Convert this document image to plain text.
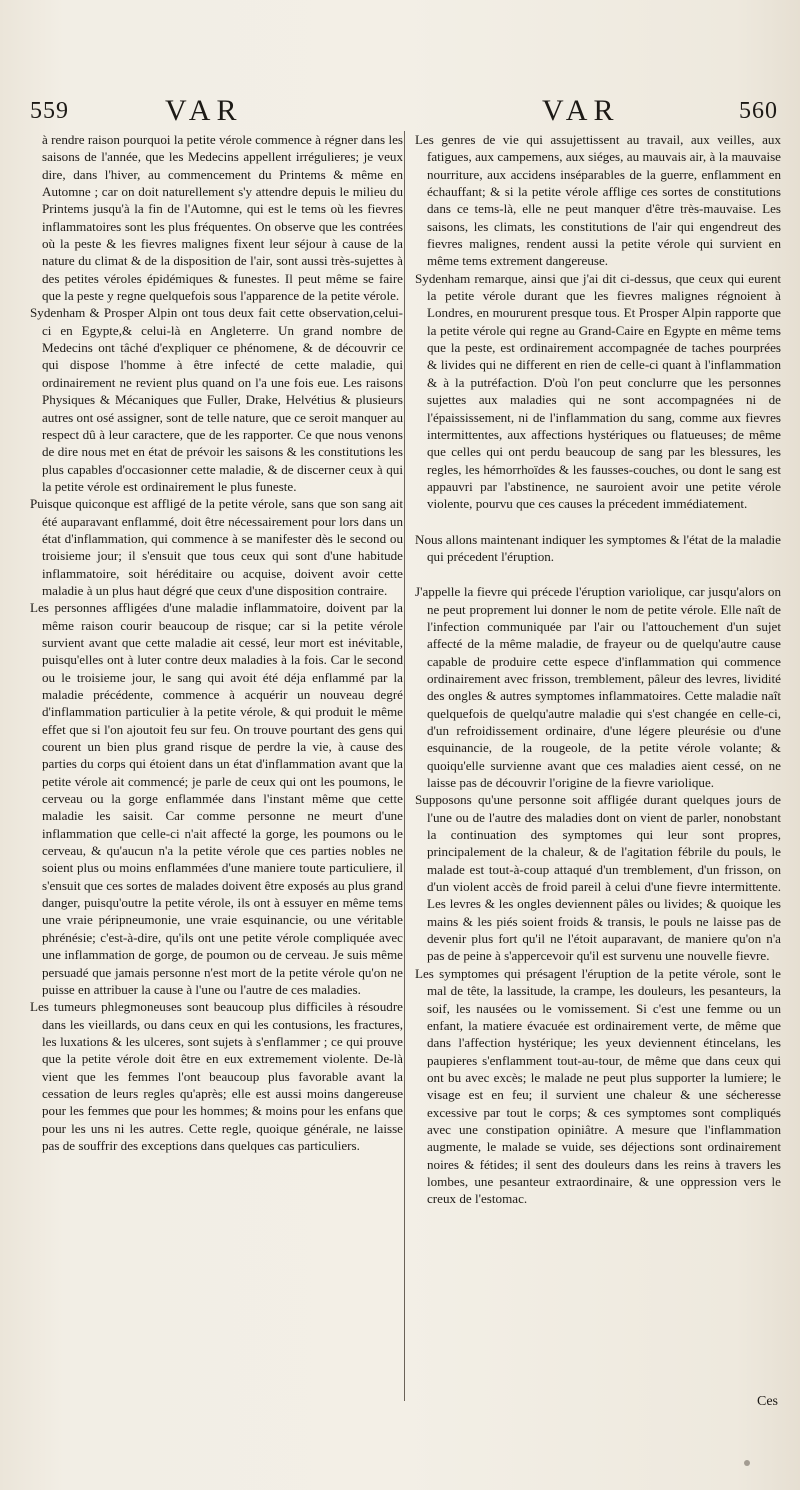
559	VAR	VAR	560

à rendre raison pourquoi la petite vérole commence à régner dans les saisons de l'année, que les Medecins appellent irrégulieres; je veux dire, dans l'hiver, au commencement du Printems & même en Automne ; car on doit naturellement s'y attendre depuis le milieu du Printems jusqu'à la fin de l'Automne, qui est le tems où les fievres inflammatoires sont les plus fréquentes. On observe que les contrées où la peste & les fievres malignes fixent leur séjour à cause de la nature du climat & de la disposition de l'air, sont aussi très-sujettes à des petites véroles épidémiques & funestes. Il peut même se faire que la peste y regne quelquefois sous l'apparence de la petite vérole.

Sydenham & Prosper Alpin ont tous deux fait cette observation,celui-ci en Egypte,& celui-là en Angleterre. Un grand nombre de Medecins ont tâché d'expliquer ce phénomene, & de découvrir ce qui dispose l'homme à être infecté de cette maladie, qui ordinairement ne revient plus quand on l'a une fois eue. Les raisons Physiques & Mécaniques que Fuller, Drake, Helvétius & plusieurs autres ont osé assigner, sont de telle nature, que ce seroit manquer au respect dû à leur caractere, que de les rapporter. Ce que nous venons de dire nous met en état de prévoir les saisons & les constitutions les plus capables d'occasionner cette maladie, & de discerner ceux à qui la petite vérole est ordinairement le plus funeste.

Puisque quiconque est affligé de la petite vérole, sans que son sang ait été auparavant enflammé, doit être nécessairement pour lors dans un état d'inflammation, qui commence à se manifester dès le second ou troisieme jour; il s'ensuit que tous ceux qui sont d'une habitude inflammatoire, soit héréditaire ou acquise, doivent avoir cette maladie à un plus haut dégré que ceux d'une disposition contraire.

Les personnes affligées d'une maladie inflammatoire, doivent par la même raison courir beaucoup de risque; car si la petite vérole survient avant que cette maladie ait cessé, leur mort est inévitable, puisqu'elles ont à luter contre deux maladies à la fois. Car le second ou le troisieme jour, le sang qui avoit été déja enflammé par la maladie précédente, commence à acquérir un nouveau degré d'inflammation particulier à la petite vérole, & qui produit le même effet que si l'on ajoutoit feu sur feu. On trouve pourtant des gens qui courent un bien plus grand risque de perdre la vie, à cause des parties du corps qui étoient dans un état d'inflammation avant que la petite vérole ait commencé; je parle de ceux qui ont les poumons, le cerveau ou la gorge enflammée dans l'instant même que cette maladie les saisit. Car comme personne ne meurt d'une inflammation que celle-ci n'ait affecté la gorge, les poumons ou le cerveau, & qu'aucun n'a la petite vérole que ces parties nobles ne soient plus ou moins enflammées d'une maniere toute particuliere, il s'ensuit que ces sortes de malades doivent être exposés au plus grand danger, puisqu'outre la petite vérole, ils ont à essuyer en même tems une vraie péripneumonie, une vraie esquinancie, ou une véritable phrénésie; c'est-à-dire, qu'ils ont une petite vérole compliquée avec une inflammation de gorge, de poumon ou de cerveau. Je suis même persuadé que jamais personne n'est mort de la petite vérole qu'on ne puisse en attribuer la cause à l'une ou l'autre de ces maladies.

Les tumeurs phlegmoneuses sont beaucoup plus difficiles à résoudre dans les vieillards, ou dans ceux en qui les contusions, les fractures, les luxations & les ulceres, sont sujets à s'enflammer ; ce qui prouve que la petite vérole doit être en eux extremement violente. De-là vient que les femmes l'ont beaucoup plus favorable avant la cessation de leurs regles qu'après; elle est aussi moins dangereuse pour les femmes que pour les hommes; & moins pour les enfans que pour les uns ni les autres. Cette regle, quoique générale, ne laisse pas de souffrir des exceptions dans quelques cas particuliers.

Les genres de vie qui assujettissent au travail, aux veilles, aux fatigues, aux campemens, aux siéges, au mauvais air, à la mauvaise nourriture, aux accidens inséparables de la guerre, enflamment en échauffant; & si la petite vérole afflige ces sortes de constitutions dans ce tems-là, elle ne peut manquer d'être très-mauvaise. Les saisons, les climats, les constitutions de l'air qui engendreut des fievres malignes, rendent aussi la petite vérole qui survient en même tems extrement dangereuse.

Sydenham remarque, ainsi que j'ai dit ci-dessus, que ceux qui eurent la petite vérole durant que les fievres malignes régnoient à Londres, en moururent presque tous. Et Prosper Alpin rapporte que la petite vérole qui regne au Grand-Caire en Egypte en même tems que la peste, est ordinairement accompagnée de taches pourprées & livides qui ne different en rien de celle-ci quant à l'inflammation & à la putréfaction. D'où l'on peut conclurre que les personnes sujettes aux maladies qui ne sont accompagnées ni de l'épaississement, ni de l'inflammation du sang, comme aux fievres intermittentes, aux affections hystériques ou flatueuses; de même que celles qui ont perdu beaucoup de sang par les blessures, les regles, les hémorrhoïdes & les fausses-couches, ou dont le sang est appauvri par l'abstinence, ne sauroient avoir une petite vérole violente, pourvu que ces causes la précedent immédiatement.

Nous allons maintenant indiquer les symptomes & l'état de la maladie qui précedent l'éruption.

J'appelle la fievre qui précede l'éruption variolique, car jusqu'alors on ne peut proprement lui donner le nom de petite vérole. Elle naît de l'infection communiquée par l'air ou l'attouchement d'un sujet affecté de la même maladie, de frayeur ou de quelqu'autre cause capable de produire cette espece d'inflammation qui commence ordinairement avec frisson, tremblement, pâleur des levres, lividité des ongles & autres symptomes inflammatoires. Cette maladie naît quelquefois de quelqu'autre maladie qui s'est changée en celle-ci, d'un refroidissement ordinaire, d'une légere pleurésie ou d'une esquinancie, de la rougeole, de la petite vérole volante; & quoiqu'elle survienne avant que ces maladies aient cessé, on ne laisse pas de découvrir l'origine de la fievre variolique.

Supposons qu'une personne soit affligée durant quelques jours de l'une ou de l'autre des maladies dont on vient de parler, nonobstant la continuation des symptomes qui leur sont propres, principalement de la chaleur, & de l'agitation fébrile du pouls, le malade est tout-à-coup attaqué d'un tremblement, d'un frisson, on d'un violent accès de froid pareil à celui d'une fievre intermittente. Les levres & les ongles deviennent pâles ou livides; & quoique les mains & les piés soient froids & transis, le pouls ne laisse pas de devenir plus fort qu'il ne l'étoit auparavant, de maniere qu'on n'a pas de peine à s'appercevoir qu'il est survenu une nouvelle fievre.

Les symptomes qui présagent l'éruption de la petite vérole, sont le mal de tête, la lassitude, la crampe, les douleurs, les pesanteurs, la soif, les nausées ou le vomissement. Si c'est une femme ou un enfant, la matiere évacuée est ordinairement verte, de même que dans l'affection hystérique; les yeux deviennent étincelans, les paupieres s'enflamment tout-au-tour, de même que dans ceux qui ont bu avec excès; le malade ne peut plus supporter la lumiere; le visage est en feu; il survient une chaleur & une sécheresse excessive par tout le corps; & ces symptomes sont compliqués avec une constipation opiniâtre. A mesure que l'inflammation augmente, le malade se vuide, ses déjections sont ordinairement noires & fétides; il sent des douleurs dans les reins à travers les lombes, une pesanteur extraordinaire, & une oppression vers le creux de l'estomac.

Ces
